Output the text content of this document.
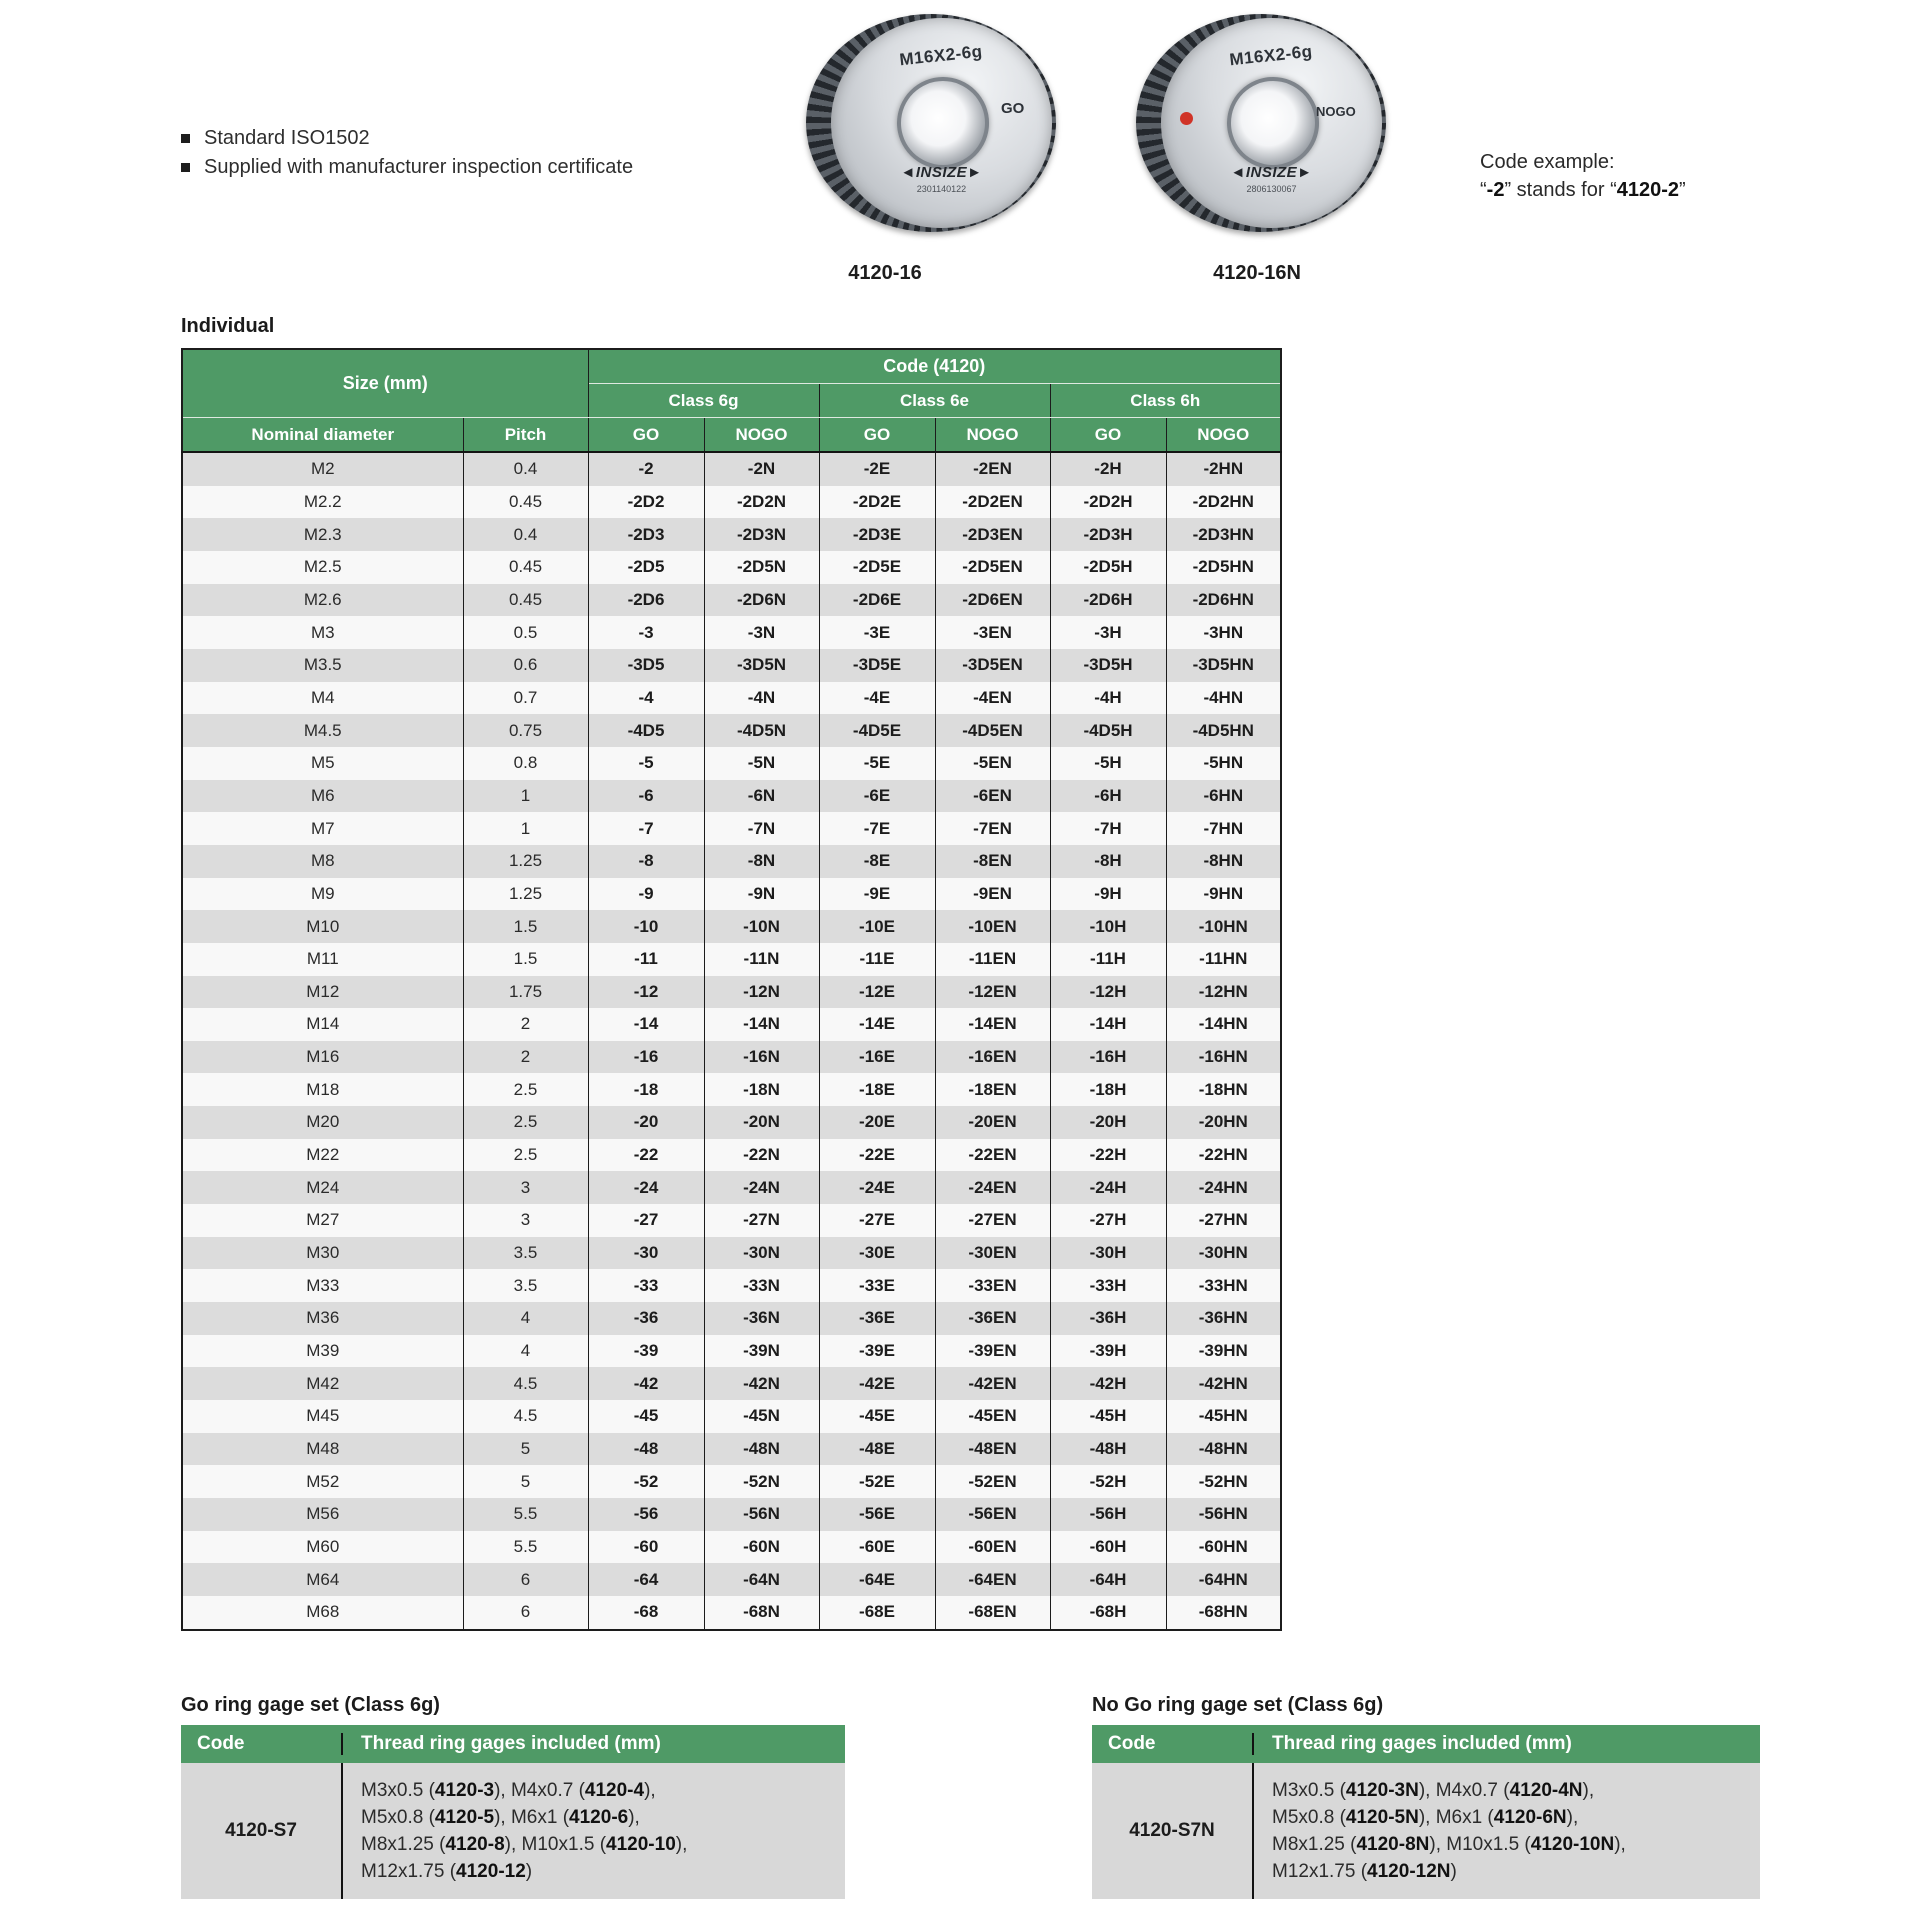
Standard ISO1502
Supplied with manufacturer inspection certificate
M16X2-6g
GO
◄INSIZE►
2301140122
4120-16
M16X2-6g
NOGO
◄INSIZE►
2806130067
4120-16N
Code example:
“-2” stands for “4120-2”
Individual
Size (mm)		Code (4120)					
		Class 6g		Class 6e		Class 6h	
Nominal diameter	Pitch	GO	NOGO	GO	NOGO	GO	NOGO
M2	0.4	-2	-2N	-2E	-2EN	-2H	-2HN
M2.2	0.45	-2D2	-2D2N	-2D2E	-2D2EN	-2D2H	-2D2HN
M2.3	0.4	-2D3	-2D3N	-2D3E	-2D3EN	-2D3H	-2D3HN
M2.5	0.45	-2D5	-2D5N	-2D5E	-2D5EN	-2D5H	-2D5HN
M2.6	0.45	-2D6	-2D6N	-2D6E	-2D6EN	-2D6H	-2D6HN
M3	0.5	-3	-3N	-3E	-3EN	-3H	-3HN
M3.5	0.6	-3D5	-3D5N	-3D5E	-3D5EN	-3D5H	-3D5HN
M4	0.7	-4	-4N	-4E	-4EN	-4H	-4HN
M4.5	0.75	-4D5	-4D5N	-4D5E	-4D5EN	-4D5H	-4D5HN
M5	0.8	-5	-5N	-5E	-5EN	-5H	-5HN
M6	1	-6	-6N	-6E	-6EN	-6H	-6HN
M7	1	-7	-7N	-7E	-7EN	-7H	-7HN
M8	1.25	-8	-8N	-8E	-8EN	-8H	-8HN
M9	1.25	-9	-9N	-9E	-9EN	-9H	-9HN
M10	1.5	-10	-10N	-10E	-10EN	-10H	-10HN
M11	1.5	-11	-11N	-11E	-11EN	-11H	-11HN
M12	1.75	-12	-12N	-12E	-12EN	-12H	-12HN
M14	2	-14	-14N	-14E	-14EN	-14H	-14HN
M16	2	-16	-16N	-16E	-16EN	-16H	-16HN
M18	2.5	-18	-18N	-18E	-18EN	-18H	-18HN
M20	2.5	-20	-20N	-20E	-20EN	-20H	-20HN
M22	2.5	-22	-22N	-22E	-22EN	-22H	-22HN
M24	3	-24	-24N	-24E	-24EN	-24H	-24HN
M27	3	-27	-27N	-27E	-27EN	-27H	-27HN
M30	3.5	-30	-30N	-30E	-30EN	-30H	-30HN
M33	3.5	-33	-33N	-33E	-33EN	-33H	-33HN
M36	4	-36	-36N	-36E	-36EN	-36H	-36HN
M39	4	-39	-39N	-39E	-39EN	-39H	-39HN
M42	4.5	-42	-42N	-42E	-42EN	-42H	-42HN
M45	4.5	-45	-45N	-45E	-45EN	-45H	-45HN
M48	5	-48	-48N	-48E	-48EN	-48H	-48HN
M52	5	-52	-52N	-52E	-52EN	-52H	-52HN
M56	5.5	-56	-56N	-56E	-56EN	-56H	-56HN
M60	5.5	-60	-60N	-60E	-60EN	-60H	-60HN
M64	6	-64	-64N	-64E	-64EN	-64H	-64HN
M68	6	-68	-68N	-68E	-68EN	-68H	-68HN
Go ring gage set (Class 6g)
Code	Thread ring gages included (mm)
4120-S7
M3x0.5 (4120-3), M4x0.7 (4120-4),
M5x0.8 (4120-5), M6x1 (4120-6),
M8x1.25 (4120-8), M10x1.5 (4120-10),
M12x1.75 (4120-12)
No Go ring gage set (Class 6g)
Code	Thread ring gages included (mm)
4120-S7N
M3x0.5 (4120-3N), M4x0.7 (4120-4N),
M5x0.8 (4120-5N), M6x1 (4120-6N),
M8x1.25 (4120-8N), M10x1.5 (4120-10N),
M12x1.75 (4120-12N)
